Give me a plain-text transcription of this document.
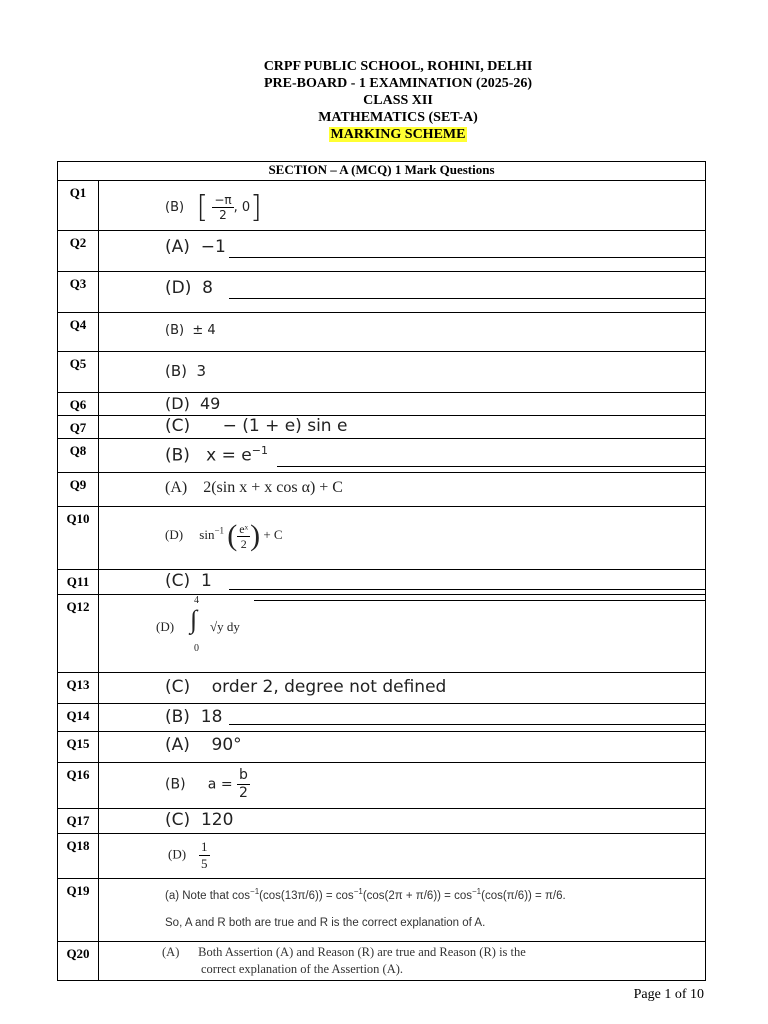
CRPF PUBLIC SCHOOL, ROHINI, DELHI
PRE-BOARD - 1 EXAMINATION (2025-26)
CLASS XII
MATHEMATICS (SET-A)
MARKING SCHEME
SECTION – A (MCQ) 1 Mark Questions
Q1
(B) [ $\frac{-\pi}{2}$ , 0]
Q2	(A) −1
Q3	(D) 8
Q4	(B) ± 4
Q5	(B) 3
Q6	(D) 49
Q7	(C) − (1 + e) sin e
Q8	(B) $x = e^{-1}$
Q9	(A) 2(sin x + x cos α) + C
Q10
(D) $\sin^{-1}$ ( $\frac{\text{eˣ}}{2}$ ) + C
Q11	(C) 1
Q12	4
(D) ∫ √y dy
0
Q13	(C) order 2, degree not defined
Q14	(B) 18
Q15	(A) 90°
Q16
(B) $a = \frac{b}{2}$
Q17	(C) 120
Q18
$(D) \frac{1}{5}$
Q19	(a) Note that $\cos^{-1}(\cos(13\pi/6)) = \cos^{-1}(\cos(2\pi + \pi/6)) = \cos^{-1}(\cos(\pi/6)) = \pi/6$.
So, A and R both are true and R is the correct explanation of A.
Q20	(A) Both Assertion (A) and Reason (R) are true and Reason (R) is the
correct explanation of the Assertion (A).
Page 1 of 10
